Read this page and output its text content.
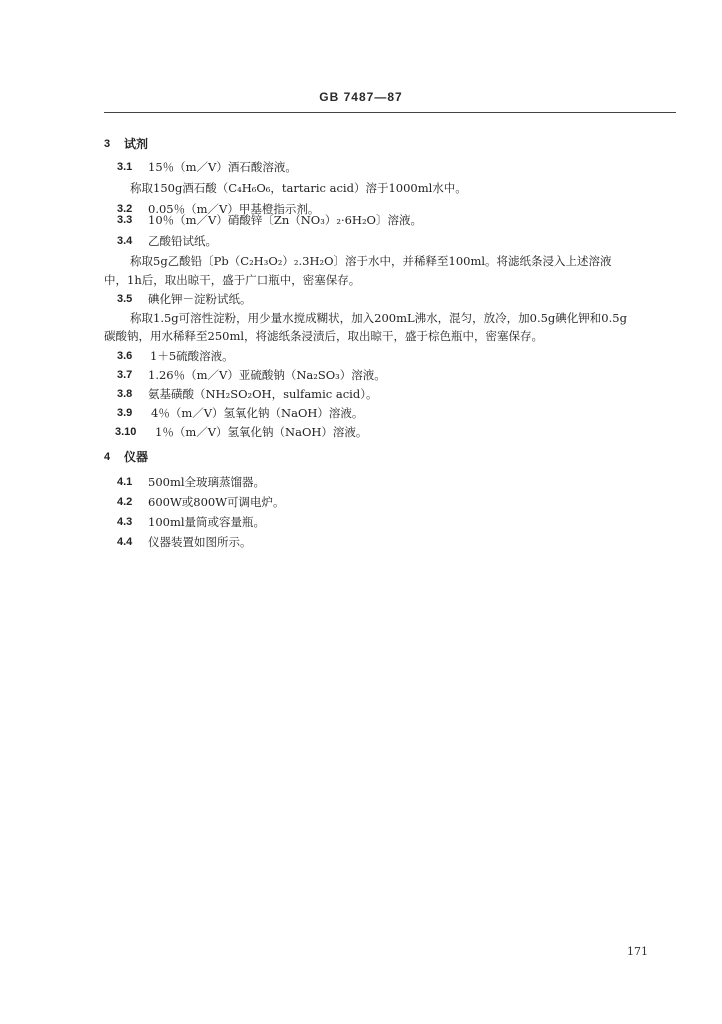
GB 7487—87
3 试剂
3.1 15％（m／V）酒石酸溶液。
称取150g酒石酸（C₄H₆O₆，tartaric acid）溶于1000ml水中。
3.2 0.05％（m／V）甲基橙指示剂。
3.3 10％（m／V）硝酸锌〔Zn（NO₃）₂·6H₂O〕溶液。
3.4 乙酸铅试纸。
称取5g乙酸铅〔Pb（C₂H₃O₂）₂.3H₂O〕溶于水中，并稀释至100ml。将滤纸条浸入上述溶液
中，1h后，取出晾干，盛于广口瓶中，密塞保存。
3.5 碘化钾－淀粉试纸。
称取1.5g可溶性淀粉，用少量水搅成糊状，加入200mL沸水，混匀，放冷，加0.5g碘化钾和0.5g
碳酸钠，用水稀释至250ml，将滤纸条浸渍后，取出晾干，盛于棕色瓶中，密塞保存。
3.6 1＋5硫酸溶液。
3.7 1.26％（m／V）亚硫酸钠（Na₂SO₃）溶液。
3.8 氨基磺酸（NH₂SO₂OH，sulfamic acid）。
3.9 4％（m／V）氢氧化钠（NaOH）溶液。
3.10 1％（m／V）氢氧化钠（NaOH）溶液。
4 仪器
4.1 500ml全玻璃蒸馏器。
4.2 600W或800W可调电炉。
4.3 100ml量筒或容量瓶。
4.4 仪器装置如图所示。
171
